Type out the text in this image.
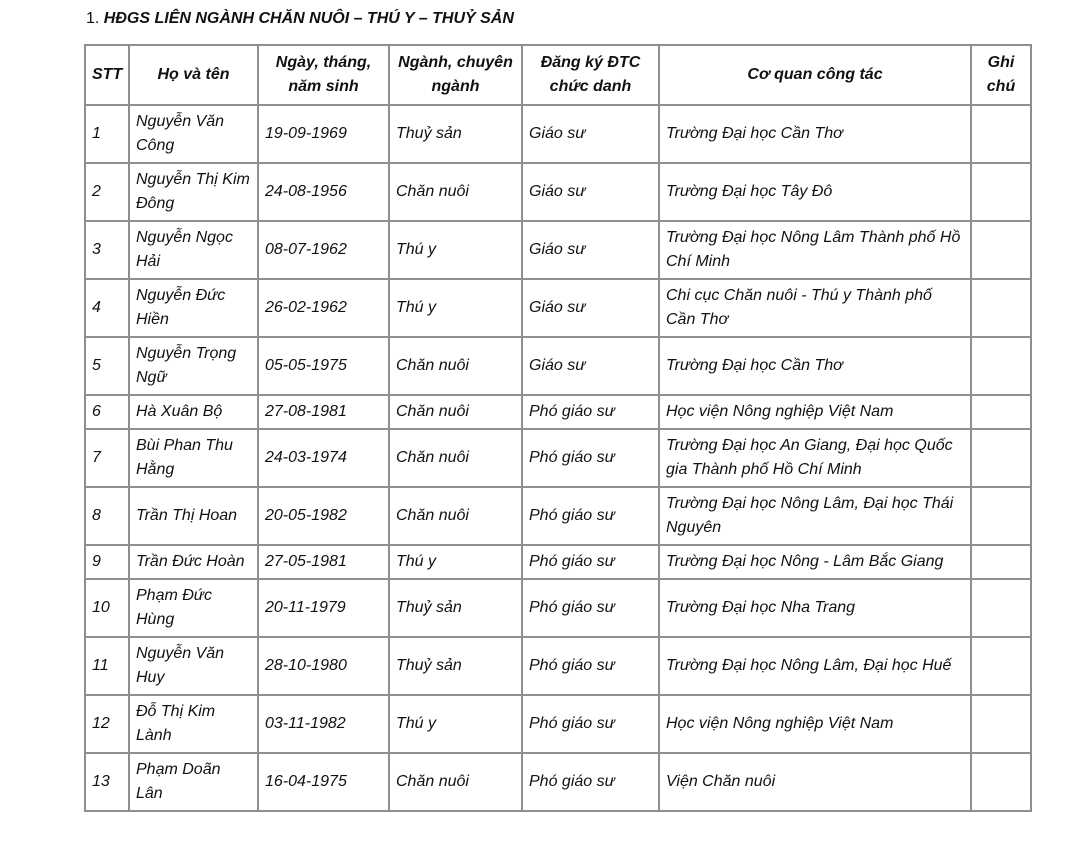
1. HĐGS LIÊN NGÀNH CHĂN NUÔI – THÚ Y – THUỶ SẢN
STT	Họ và tên	Ngày, tháng, năm sinh	Ngành, chuyên ngành	Đăng ký ĐTC chức danh	Cơ quan công tác	Ghi chú
1	Nguyễn Văn Công	19-09-1969	Thuỷ sản	Giáo sư	Trường Đại học Cần Thơ	
2	Nguyễn Thị Kim Đông	24-08-1956	Chăn nuôi	Giáo sư	Trường Đại học Tây Đô	
3	Nguyễn Ngọc Hải	08-07-1962	Thú y	Giáo sư	Trường Đại học Nông Lâm Thành phố Hồ Chí Minh	
4	Nguyễn Đức Hiền	26-02-1962	Thú y	Giáo sư	Chi cục Chăn nuôi - Thú y Thành phố Cần Thơ	
5	Nguyễn Trọng Ngữ	05-05-1975	Chăn nuôi	Giáo sư	Trường Đại học Cần Thơ	
6	Hà Xuân Bộ	27-08-1981	Chăn nuôi	Phó giáo sư	Học viện Nông nghiệp Việt Nam	
7	Bùi Phan Thu Hằng	24-03-1974	Chăn nuôi	Phó giáo sư	Trường Đại học An Giang, Đại học Quốc gia Thành phố Hồ Chí Minh	
8	Trần Thị Hoan	20-05-1982	Chăn nuôi	Phó giáo sư	Trường Đại học Nông Lâm, Đại học Thái Nguyên	
9	Trần Đức Hoàn	27-05-1981	Thú y	Phó giáo sư	Trường Đại học Nông - Lâm Bắc Giang	
10	Phạm Đức Hùng	20-11-1979	Thuỷ sản	Phó giáo sư	Trường Đại học Nha Trang	
11	Nguyễn Văn Huy	28-10-1980	Thuỷ sản	Phó giáo sư	Trường Đại học Nông Lâm, Đại học Huế	
12	Đỗ Thị Kim Lành	03-11-1982	Thú y	Phó giáo sư	Học viện Nông nghiệp Việt Nam	
13	Phạm Doãn Lân	16-04-1975	Chăn nuôi	Phó giáo sư	Viện Chăn nuôi	
